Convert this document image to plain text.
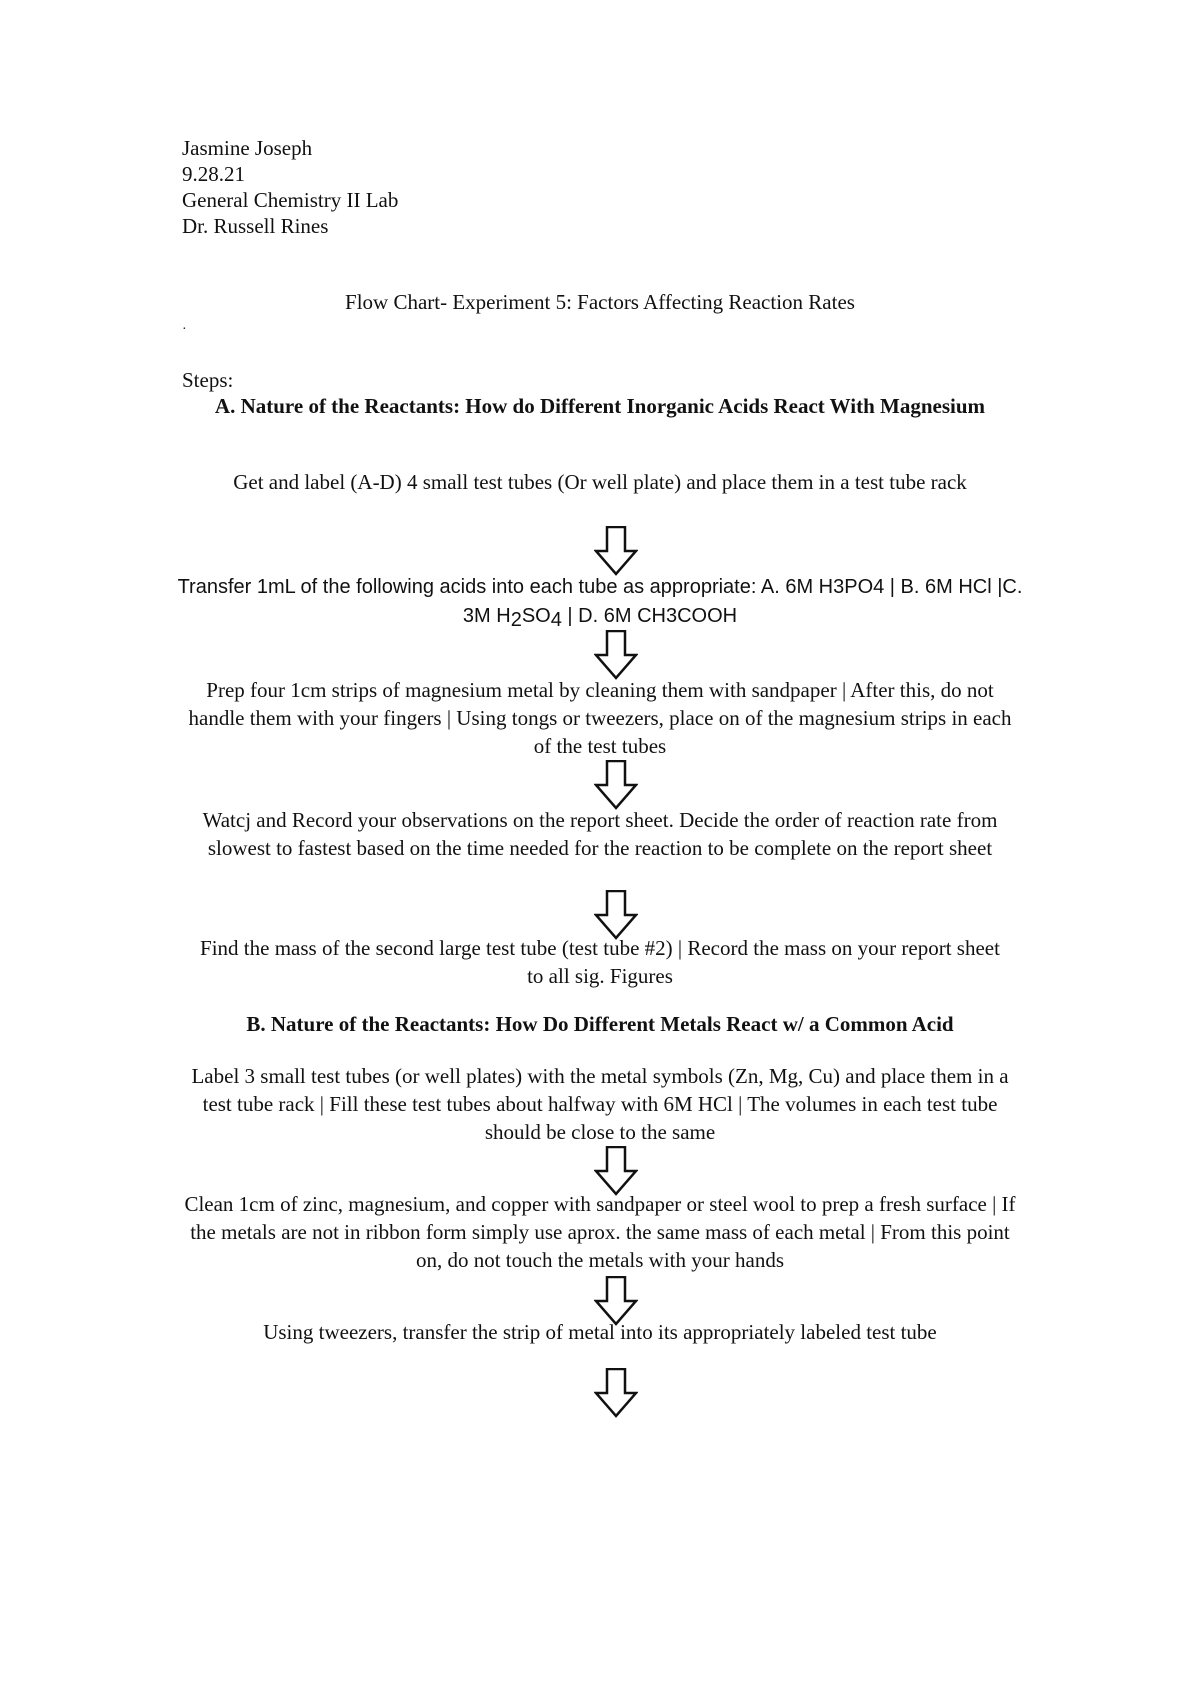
Jasmine Joseph
9.28.21
General Chemistry II Lab
Dr. Russell Rines
Flow Chart- Experiment 5: Factors Affecting Reaction Rates
·
Steps:
A. Nature of the Reactants: How do Different Inorganic Acids React With Magnesium
Get and label (A-D) 4 small test tubes (Or well plate) and place them in a test tube rack
Transfer 1mL of the following acids into each tube as appropriate: A. 6M H3PO4 | B. 6M HCl |C. 3M $H_2SO_4$ | D. 6M CH3COOH
Prep four 1cm strips of magnesium metal by cleaning them with sandpaper | After this, do not handle them with your fingers | Using tongs or tweezers, place on of the magnesium strips in each of the test tubes
Watcj and Record your observations on the report sheet. Decide the order of reaction rate from slowest to fastest based on the time needed for the reaction to be complete on the report sheet
Find the mass of the second large test tube (test tube #2) | Record the mass on your report sheet to all sig. Figures
B. Nature of the Reactants: How Do Different Metals React w/ a Common Acid
Label 3 small test tubes (or well plates) with the metal symbols (Zn, Mg, Cu) and place them in a test tube rack | Fill these test tubes about halfway with 6M HCl | The volumes in each test tube should be close to the same
Clean 1cm of zinc, magnesium, and copper with sandpaper or steel wool to prep a fresh surface | If the metals are not in ribbon form simply use aprox. the same mass of each metal | From this point on, do not touch the metals with your hands
Using tweezers, transfer the strip of metal into its appropriately labeled test tube
